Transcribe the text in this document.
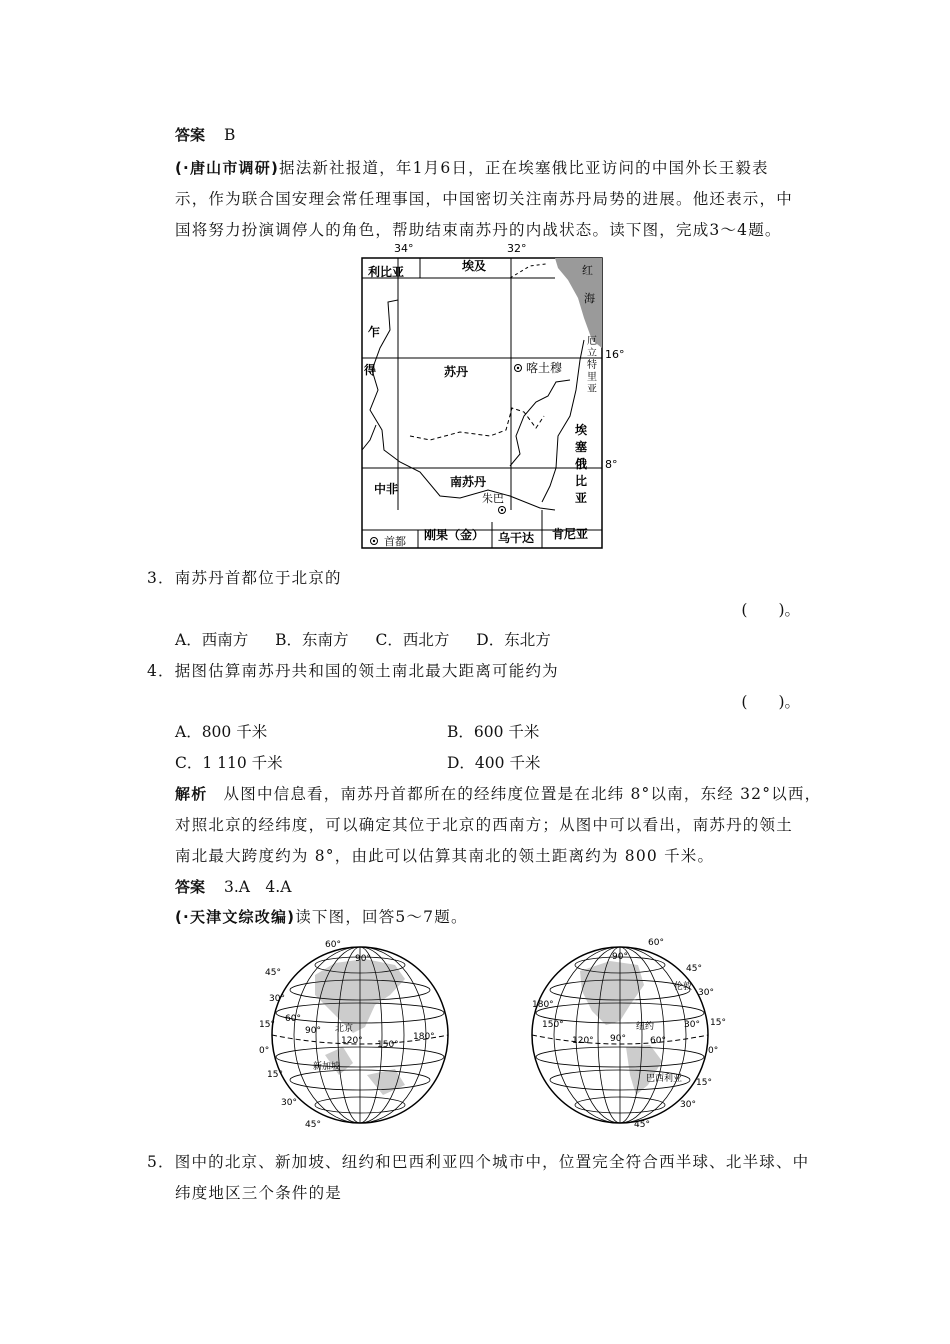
答案 B
(·唐山市调研)据法新社报道，年1月6日，正在埃塞俄比亚访问的中国外长王毅表
示，作为联合国安理会常任理事国，中国密切关注南苏丹局势的进展。他还表示，中
国将努力扮演调停人的角色，帮助结束南苏丹的内战状态。读下图，完成3～4题。
34°	32°
利比亚	埃及	红
海
乍
得	苏丹	喀土穆
厄
立
特
里
亚
16°
埃
塞
俄
比
亚
8°
中非	南苏丹
朱巴
首都 刚果（金） 乌干达 肯尼亚
3．南苏丹首都位于北京的
(　　)。
A．西南方 B．东南方 C．西北方 D．东北方
4．据图估算南苏丹共和国的领土南北最大距离可能约为
(　　)。
A．800 千米	B．600 千米
C．1 110 千米	D．400 千米
解析 从图中信息看，南苏丹首都所在的经纬度位置是在北纬 8°以南，东经 32°以西，
对照北京的经纬度，可以确定其位于北京的西南方；从图中可以看出，南苏丹的领土
南北最大跨度约为 8°，由此可以估算其南北的领土距离约为 800 千米。
答案 3.A　4.A
(·天津文综改编)读下图，回答5～7题。
60°
90°
45°
30°
15°
60°
90° 北京
120° 150°
180°
0°
15°
新加坡
30°
45°
60°
90°
45°
伦敦
30°
180°
150°	纽约	30°
120° 90°	60°
15°
0°
巴西利亚 15°
30°
45°
5．图中的北京、新加坡、纽约和巴西利亚四个城市中，位置完全符合西半球、北半球、中
纬度地区三个条件的是
